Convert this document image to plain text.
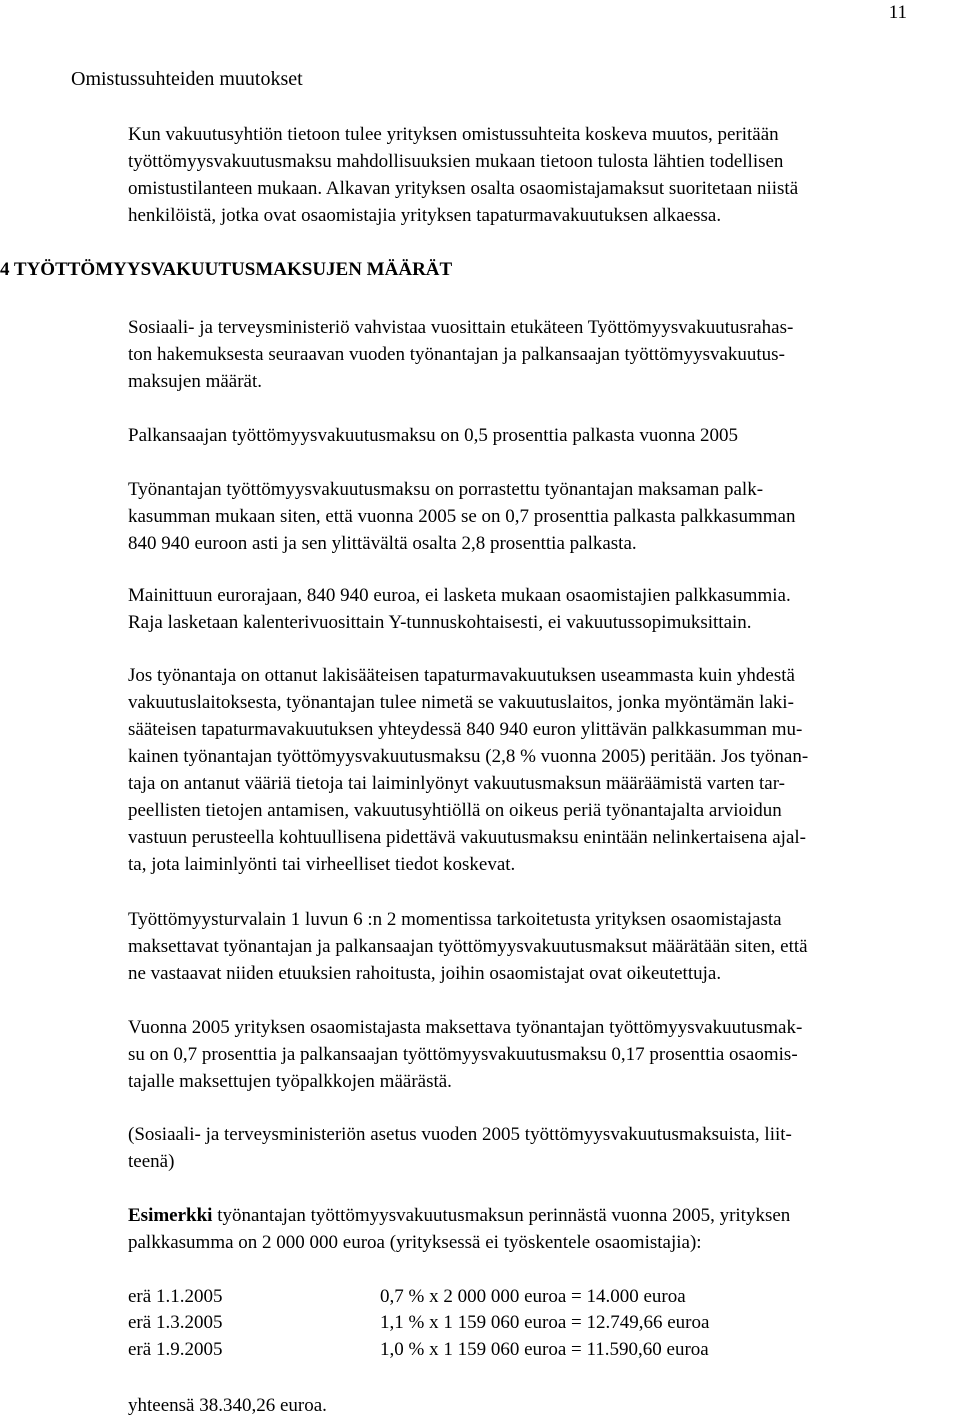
11
Omistussuhteiden muutokset

Kun vakuutusyhtiön tietoon tulee yrityksen omistussuhteita koskeva muutos, peritään
työttömyysvakuutusmaksu mahdollisuuksien mukaan tietoon tulosta lähtien todellisen
omistustilanteen mukaan. Alkavan yrityksen osalta osaomistajamaksut suoritetaan niistä
henkilöistä, jotka ovat osaomistajia yrityksen tapaturmavakuutuksen alkaessa.

4 TYÖTTÖMYYSVAKUUTUSMAKSUJEN MÄÄRÄT

Sosiaali- ja terveysministeriö vahvistaa vuosittain etukäteen Työttömyysvakuutusrahas-
ton hakemuksesta seuraavan vuoden työnantajan ja palkansaajan työttömyysvakuutus-
maksujen määrät.

Palkansaajan työttömyysvakuutusmaksu on 0,5 prosenttia palkasta vuonna 2005

Työnantajan työttömyysvakuutusmaksu on porrastettu työnantajan maksaman palk-
kasumman mukaan siten, että vuonna 2005 se on 0,7 prosenttia palkasta palkkasumman
840 940 euroon asti ja sen ylittävältä osalta 2,8 prosenttia palkasta.

Mainittuun eurorajaan, 840 940 euroa, ei lasketa mukaan osaomistajien palkkasummia.
Raja lasketaan kalenterivuosittain Y-tunnuskohtaisesti, ei vakuutussopimuksittain.

Jos työnantaja on ottanut lakisääteisen tapaturmavakuutuksen useammasta kuin yhdestä
vakuutuslaitoksesta, työnantajan tulee nimetä se vakuutuslaitos, jonka myöntämän laki-
sääteisen tapaturmavakuutuksen yhteydessä 840 940 euron ylittävän palkkasumman mu-
kainen työnantajan työttömyysvakuutusmaksu (2,8 % vuonna 2005) peritään. Jos työnan-
taja on antanut vääriä tietoja tai laiminlyönyt vakuutusmaksun määräämistä varten tar-
peellisten tietojen antamisen, vakuutusyhtiöllä on oikeus periä työnantajalta arvioidun
vastuun perusteella kohtuullisena pidettävä vakuutusmaksu enintään nelinkertaisena ajal-
ta, jota laiminlyönti tai virheelliset tiedot koskevat.

Työttömyysturvalain 1 luvun 6 :n 2 momentissa tarkoitetusta yrityksen osaomistajasta
maksettavat työnantajan ja palkansaajan työttömyysvakuutusmaksut määrätään siten, että
ne vastaavat niiden etuuksien rahoitusta, joihin osaomistajat ovat oikeutettuja.

Vuonna 2005 yrityksen osaomistajasta maksettava työnantajan työttömyysvakuutusmak-
su on 0,7 prosenttia ja palkansaajan työttömyysvakuutusmaksu 0,17 prosenttia osaomis-
tajalle maksettujen työpalkkojen määrästä.

(Sosiaali- ja terveysministeriön asetus vuoden 2005 työttömyysvakuutusmaksuista, liit-
teenä)

Esimerkki työnantajan työttömyysvakuutusmaksun perinnästä vuonna 2005, yrityksen
palkkasumma on 2 000 000 euroa (yrityksessä ei työskentele osaomistajia):

erä 1.1.2005	0,7 % x 2 000 000 euroa = 14.000 euroa
erä 1.3.2005	1,1 % x 1 159 060 euroa = 12.749,66 euroa
erä 1.9.2005	1,0 % x 1 159 060 euroa = 11.590,60 euroa
yhteensä 38.340,26 euroa.
